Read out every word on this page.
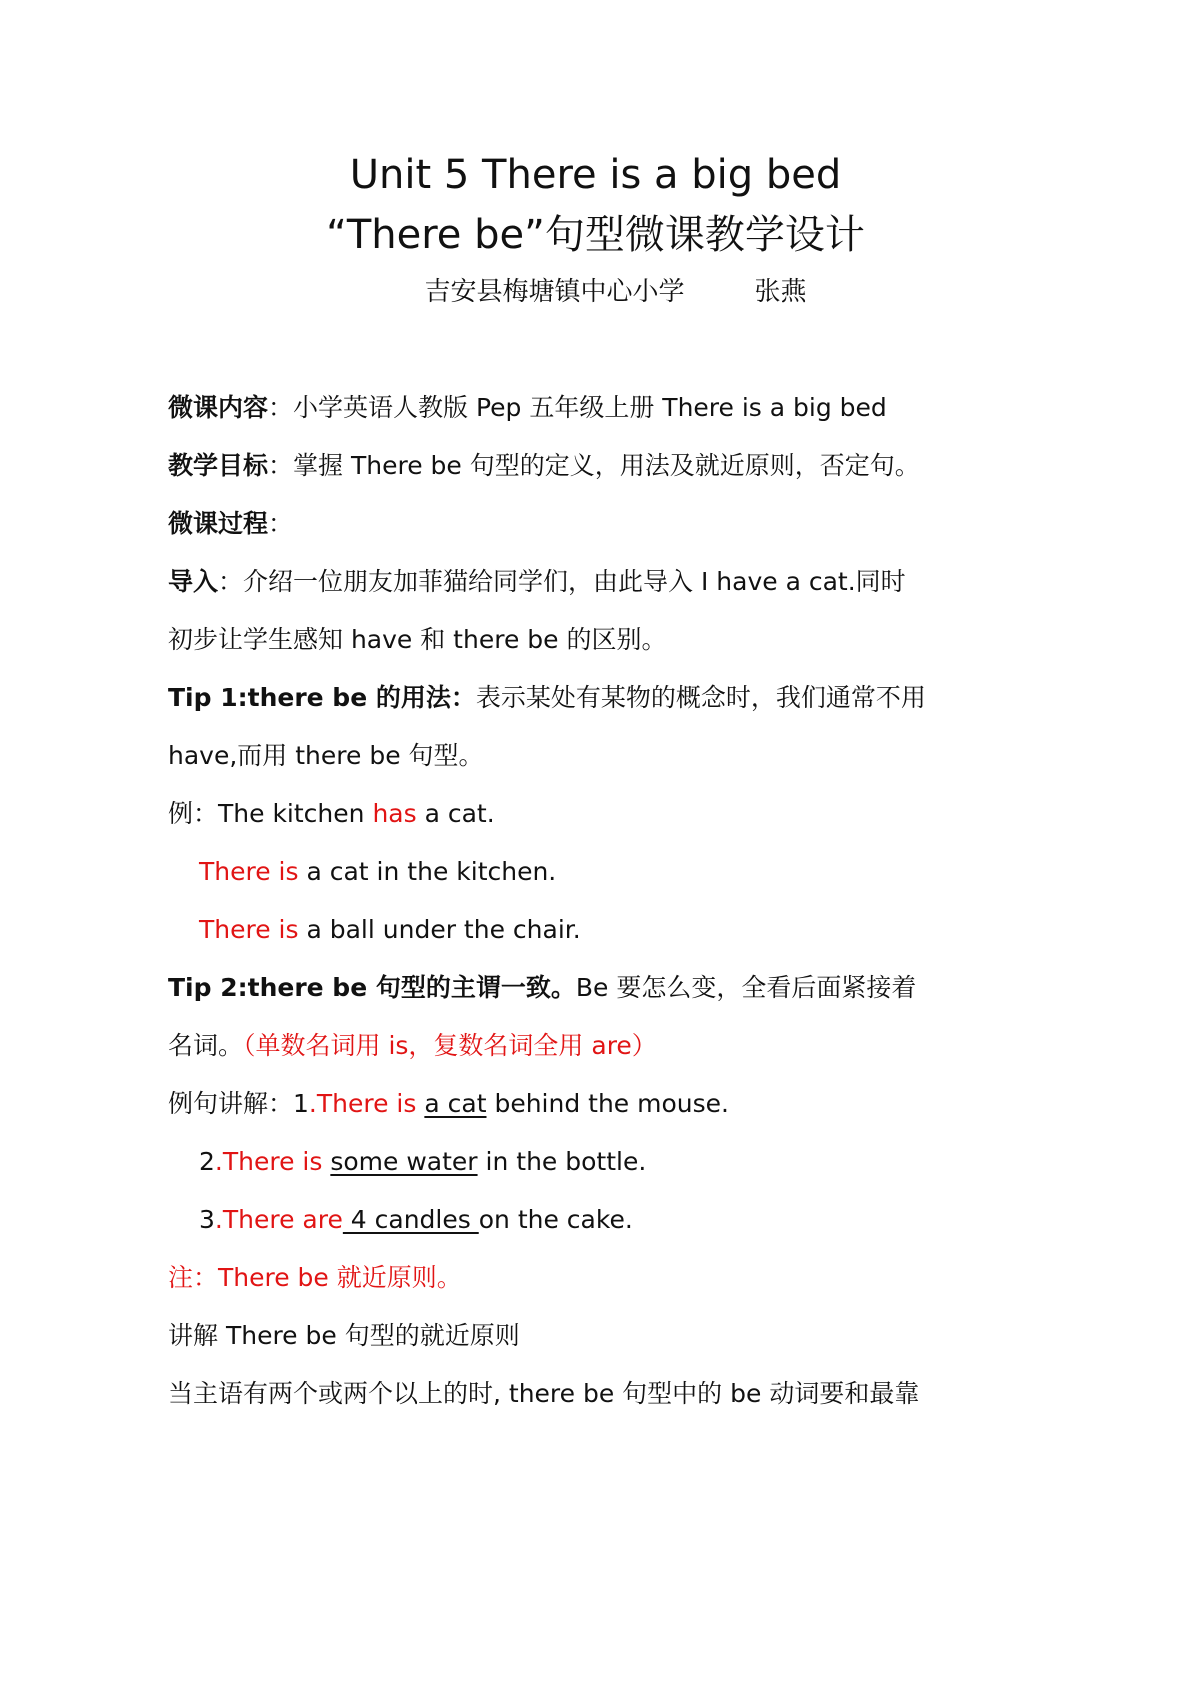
Unit 5 There is a big bed
“There be”句型微课教学设计
吉安县梅塘镇中心小学	张燕
微课内容：小学英语人教版 Pep 五年级上册 There is a big bed
教学目标：掌握 There be 句型的定义，用法及就近原则，否定句。
微课过程：
导入：介绍一位朋友加菲猫给同学们，由此导入 I have a cat.同时
初步让学生感知 have 和 there be 的区别。
Tip 1:there be 的用法：表示某处有某物的概念时，我们通常不用
have,而用 there be 句型。
例：The kitchen has a cat.
There is a cat in the kitchen.
There is a ball under the chair.
Tip 2:there be 句型的主谓一致。Be 要怎么变，全看后面紧接着
名词。（单数名词用 is，复数名词全用 are）
例句讲解：1.There is a cat behind the mouse.
2.There is some water in the bottle.
3.There are 4 candles on the cake.
注：There be 就近原则。
讲解 There be 句型的就近原则
当主语有两个或两个以上的时, there be 句型中的 be 动词要和最靠
